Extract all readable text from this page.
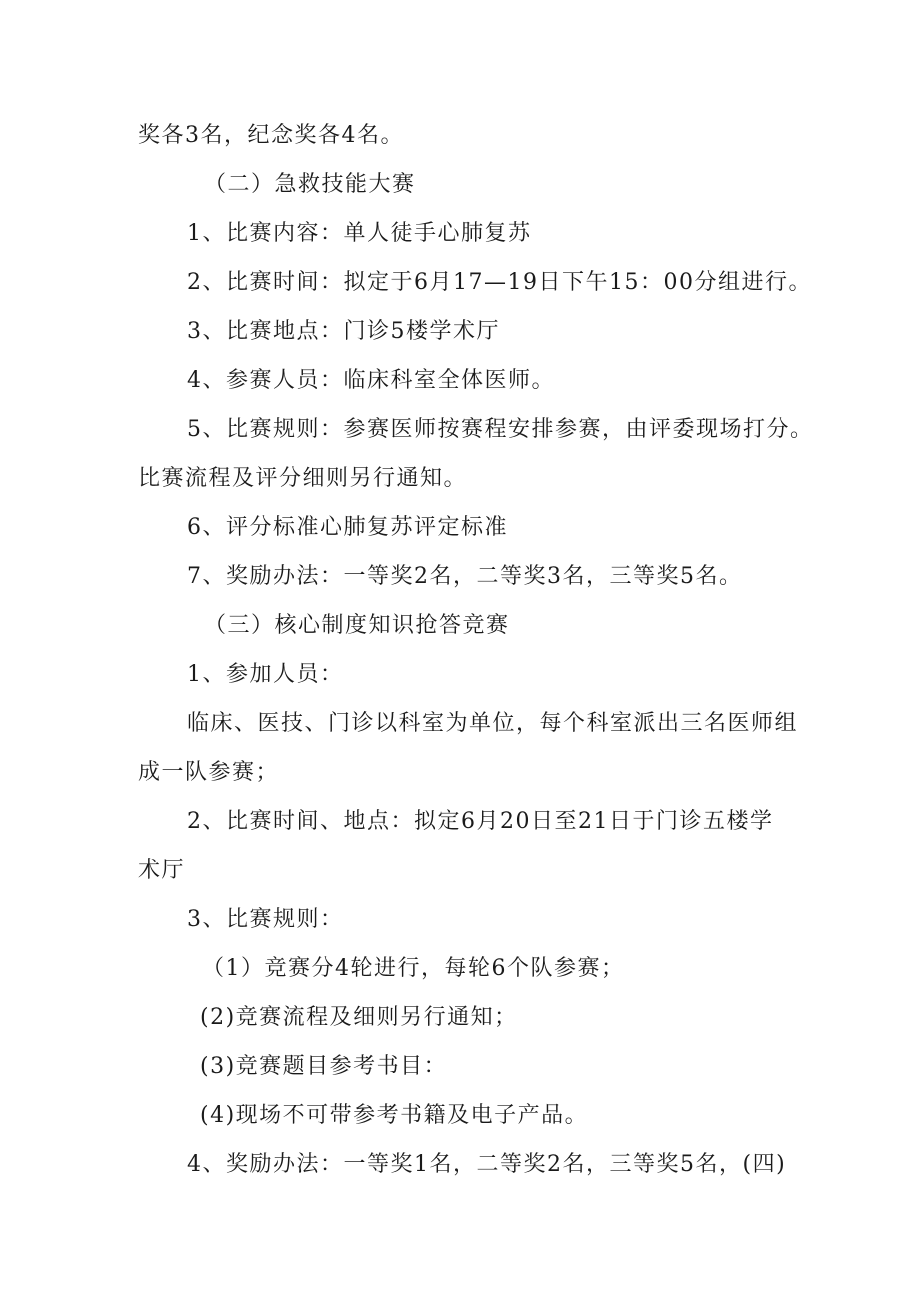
奖各3名，纪念奖各4名。
（二）急救技能大赛
1、比赛内容：单人徒手心肺复苏
2、比赛时间：拟定于6月17—19日下午15：00分组进行。
3、比赛地点：门诊5楼学术厅
4、参赛人员：临床科室全体医师。
5、比赛规则：参赛医师按赛程安排参赛，由评委现场打分。
比赛流程及评分细则另行通知。
6、评分标准心肺复苏评定标准
7、奖励办法：一等奖2名，二等奖3名，三等奖5名。
（三）核心制度知识抢答竞赛
1、参加人员：
临床、医技、门诊以科室为单位，每个科室派出三名医师组
成一队参赛；
2、比赛时间、地点：拟定6月20日至21日于门诊五楼学
术厅
3、比赛规则：
（1）竞赛分4轮进行，每轮6个队参赛；
(2)竞赛流程及细则另行通知；
(3)竞赛题目参考书目：
(4)现场不可带参考书籍及电子产品。
4、奖励办法：一等奖1名，二等奖2名，三等奖5名，(四)
